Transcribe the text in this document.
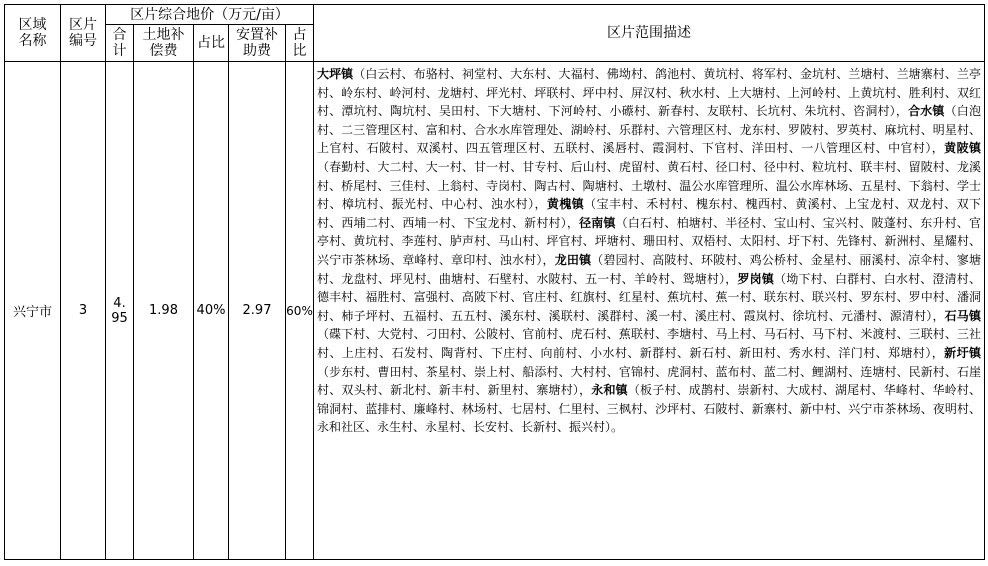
区域名称	区片编号	区片综合地价（万元/亩）					区片范围描述
		合计	土地补偿费	占比	安置补助费	占比	
兴宁市	3	4.95	1.98	40%	2.97	60%	大坪镇（白云村、布骆村、祠堂村、大东村、大福村、佛坳村、鸽池村、黄坑村、将军村、金坑村、兰塘村、兰塘寨村、兰亭村、岭东村、岭河村、龙塘村、坪光村、坪联村、坪中村、屏汉村、秋水村、上大塘村、上河岭村、上黄坑村、胜利村、双红村、潭坑村、陶坑村、吴田村、下大塘村、下河岭村、小礤村、新春村、友联村、长坑村、朱坑村、咨洞村），合水镇（白泡村、二三管理区村、富和村、合水水库管理处、湖岭村、乐群村、六管理区村、龙东村、罗陂村、罗英村、麻坑村、明星村、上官村、石陂村、双溪村、四五管理区村、五联村、溪唇村、霞洞村、下官村、洋田村、一八管理区村、中官村），黄陂镇（春勤村、大二村、大一村、甘一村、甘专村、后山村、虎留村、黄石村、径口村、径中村、粒坑村、联丰村、留陂村、龙溪村、桥尾村、三佳村、上翁村、寺岗村、陶古村、陶塘村、土墩村、温公水库管理所、温公水库林场、五星村、下翁村、学士村、樟坑村、振光村、中心村、浊水村），黄槐镇（宝丰村、禾村村、槐东村、槐西村、黄溪村、上宝龙村、双龙村、双下村、西埔二村、西埔一村、下宝龙村、新村村），径南镇（白石村、柏塘村、半径村、宝山村、宝兴村、陂蓬村、东升村、官亭村、黄坑村、李莲村、胪声村、马山村、坪官村、坪塘村、珊田村、双梧村、太阳村、圩下村、先锋村、新洲村、星耀村、兴宁市茶林场、章峰村、章印村、浊水村），龙田镇（碧园村、高陂村、环陂村、鸡公桥村、金星村、丽溪村、凉伞村、寥塘村、龙盘村、坪见村、曲塘村、石壁村、水陂村、五一村、羊岭村、鸳塘村），罗岗镇（坳下村、白群村、白水村、澄清村、德丰村、福胜村、富强村、高陂下村、官庄村、红旗村、红星村、蕉坑村、蕉一村、联东村、联兴村、罗东村、罗中村、潘洞村、柿子坪村、五福村、五五村、溪东村、溪联村、溪群村、溪一村、溪庄村、霞岚村、徐坑村、元潘村、源清村），石马镇（碟下村、大党村、刁田村、公陂村、官前村、虎石村、蕉联村、李塘村、马上村、马石村、马下村、米渡村、三联村、三社村、上庄村、石发村、陶背村、下庄村、向前村、小水村、新群村、新石村、新田村、秀水村、洋门村、郑塘村），新圩镇（步东村、曹田村、茶星村、崇上村、船添村、大村村、官锦村、虎洞村、蓝布村、蓝二村、鲤湖村、连塘村、民新村、石崖村、双头村、新北村、新丰村、新里村、寨塘村），永和镇（板子村、成鹊村、崇新村、大成村、湖尾村、华峰村、华岭村、锦洞村、蓝排村、廉峰村、林场村、七居村、仁里村、三枫村、沙坪村、石陂村、新寨村、新中村、兴宁市茶林场、夜明村、永和社区、永生村、永星村、长安村、长新村、振兴村）。
